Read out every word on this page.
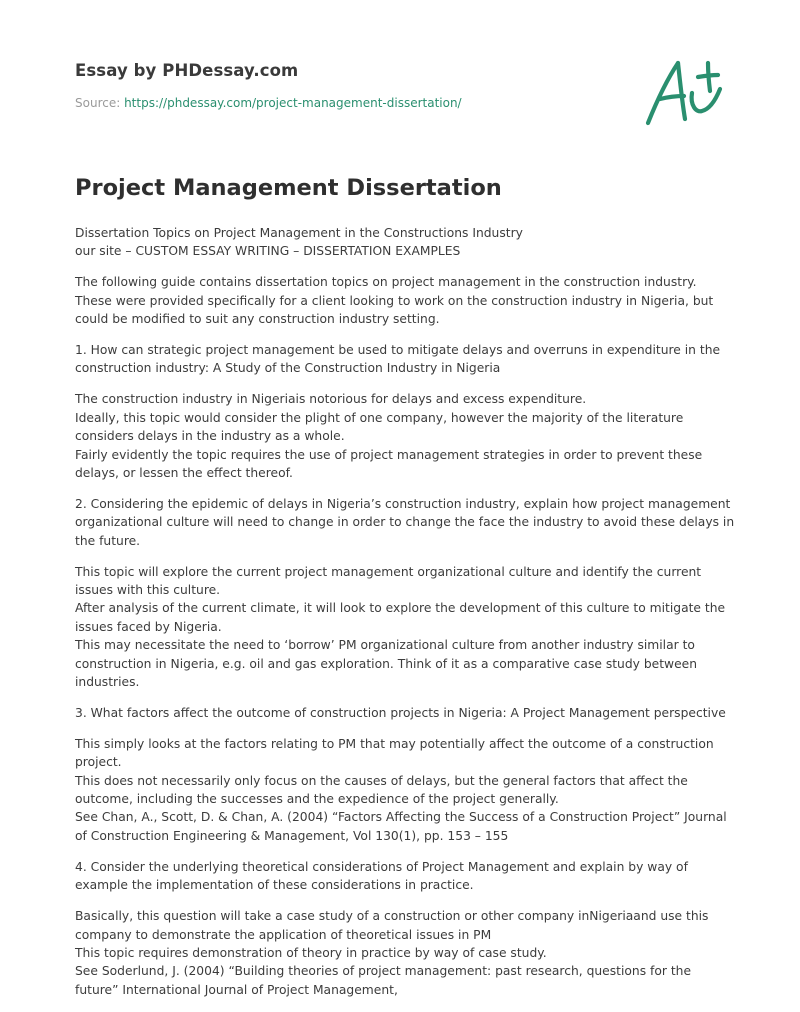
Essay by PHDessay.com
Source: https://phdessay.com/project-management-dissertation/
Project Management Dissertation

Dissertation Topics on Project Management in the Constructions Industry
our site – CUSTOM ESSAY WRITING – DISSERTATION EXAMPLES

The following guide contains dissertation topics on project management in the construction industry. These were provided specifically for a client looking to work on the construction industry in Nigeria, but could be modified to suit any construction industry setting.

1. How can strategic project management be used to mitigate delays and overruns in expenditure in the construction industry: A Study of the Construction Industry in Nigeria

The construction industry in Nigeriais notorious for delays and excess expenditure.
Ideally, this topic would consider the plight of one company, however the majority of the literature considers delays in the industry as a whole.
Fairly evidently the topic requires the use of project management strategies in order to prevent these delays, or lessen the effect thereof.

2. Considering the epidemic of delays in Nigeria’s construction industry, explain how project management organizational culture will need to change in order to change the face the industry to avoid these delays in the future.

This topic will explore the current project management organizational culture and identify the current issues with this culture.
After analysis of the current climate, it will look to explore the development of this culture to mitigate the issues faced by Nigeria.
This may necessitate the need to ‘borrow’ PM organizational culture from another industry similar to construction in Nigeria, e.g. oil and gas exploration. Think of it as a comparative case study between industries.

3. What factors affect the outcome of construction projects in Nigeria: A Project Management perspective

This simply looks at the factors relating to PM that may potentially affect the outcome of a construction project.
This does not necessarily only focus on the causes of delays, but the general factors that affect the outcome, including the successes and the expedience of the project generally.
See Chan, A., Scott, D. & Chan, A. (2004) “Factors Affecting the Success of a Construction Project” Journal of Construction Engineering & Management, Vol 130(1), pp. 153 – 155

4. Consider the underlying theoretical considerations of Project Management and explain by way of example the implementation of these considerations in practice.

Basically, this question will take a case study of a construction or other company inNigeriaand use this company to demonstrate the application of theoretical issues in PM
This topic requires demonstration of theory in practice by way of case study.
See Soderlund, J. (2004) “Building theories of project management: past research, questions for the future” International Journal of Project Management,
